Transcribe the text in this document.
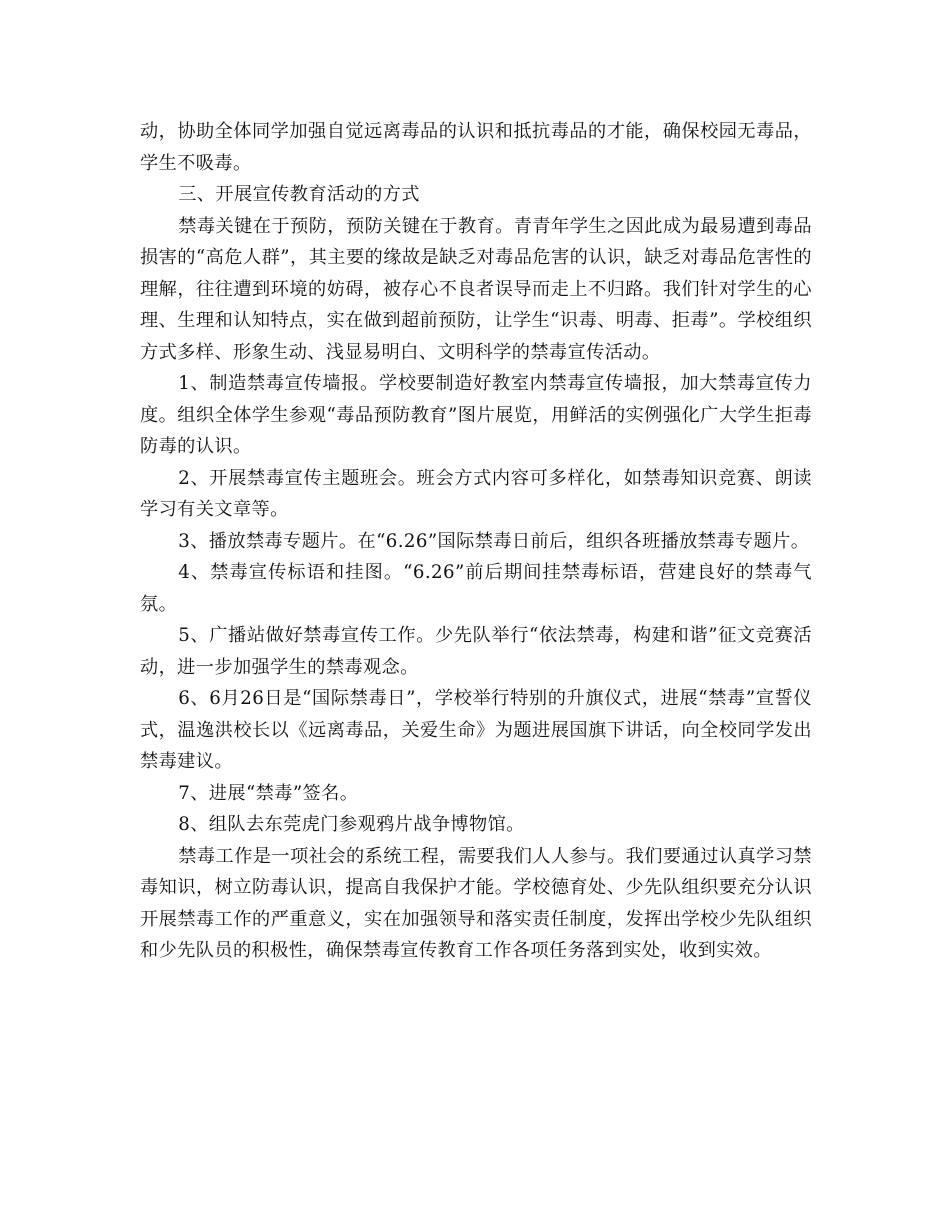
动，协助全体同学加强自觉远离毒品的认识和抵抗毒品的才能，确保校园无毒品，学生不吸毒。

三、开展宣传教育活动的方式

禁毒关键在于预防，预防关键在于教育。青青年学生之因此成为最易遭到毒品损害的“高危人群”，其主要的缘故是缺乏对毒品危害的认识，缺乏对毒品危害性的理解，往往遭到环境的妨碍，被存心不良者误导而走上不归路。我们针对学生的心理、生理和认知特点，实在做到超前预防，让学生“识毒、明毒、拒毒”。学校组织方式多样、形象生动、浅显易明白、文明科学的禁毒宣传活动。

1、制造禁毒宣传墙报。学校要制造好教室内禁毒宣传墙报，加大禁毒宣传力度。组织全体学生参观“毒品预防教育”图片展览，用鲜活的实例强化广大学生拒毒防毒的认识。

2、开展禁毒宣传主题班会。班会方式内容可多样化，如禁毒知识竞赛、朗读学习有关文章等。

3、播放禁毒专题片。在“6.26”国际禁毒日前后，组织各班播放禁毒专题片。

4、禁毒宣传标语和挂图。“6.26”前后期间挂禁毒标语，营建良好的禁毒气氛。

5、广播站做好禁毒宣传工作。少先队举行“依法禁毒，构建和谐”征文竞赛活动，进一步加强学生的禁毒观念。

6、6月26日是“国际禁毒日”，学校举行特别的升旗仪式，进展“禁毒”宣誓仪式，温逸洪校长以《远离毒品，关爱生命》为题进展国旗下讲话，向全校同学发出禁毒建议。

7、进展“禁毒”签名。

8、组队去东莞虎门参观鸦片战争博物馆。

禁毒工作是一项社会的系统工程，需要我们人人参与。我们要通过认真学习禁毒知识，树立防毒认识，提高自我保护才能。学校德育处、少先队组织要充分认识开展禁毒工作的严重意义，实在加强领导和落实责任制度，发挥出学校少先队组织和少先队员的积极性，确保禁毒宣传教育工作各项任务落到实处，收到实效。
